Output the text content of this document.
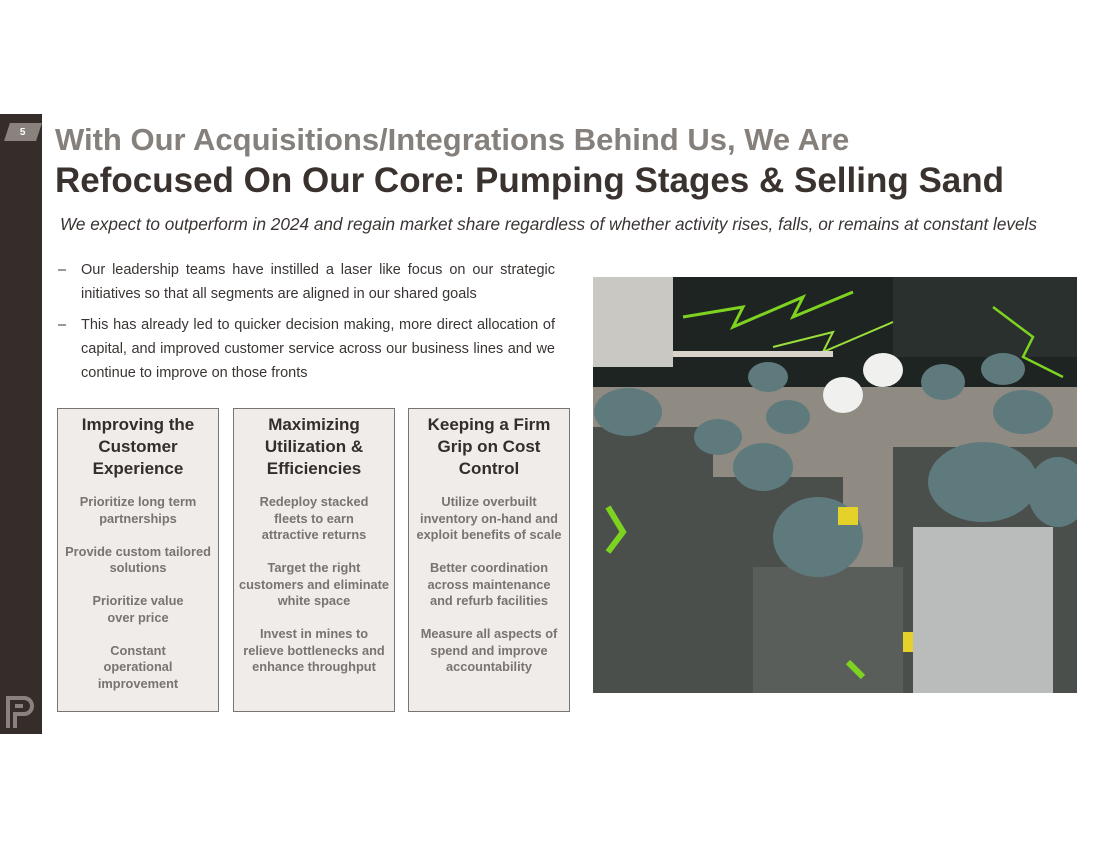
5 With Our Acquisitions/Integrations Behind Us, We Are
Refocused On Our Core: Pumping Stages & Selling Sand

We expect to outperform in 2024 and regain market share regardless of whether activity rises, falls, or remains at constant levels

– Our leadership teams have instilled a laser like focus on our strategic initiatives so that all segments are aligned in our shared goals
– This has already led to quicker decision making, more direct allocation of capital, and improved customer service across our business lines and we continue to improve on those fronts
Improving the Customer Experience
Prioritize long term partnerships
Provide custom tailored solutions
Prioritize value over price
Constant operational improvement
Maximizing Utilization & Efficiencies
Redeploy stacked fleets to earn attractive returns
Target the right customers and eliminate white space
Invest in mines to relieve bottlenecks and enhance throughput
Keeping a Firm Grip on Cost Control
Utilize overbuilt inventory on-hand and exploit benefits of scale
Better coordination across maintenance and refurb facilities
Measure all aspects of spend and improve accountability
